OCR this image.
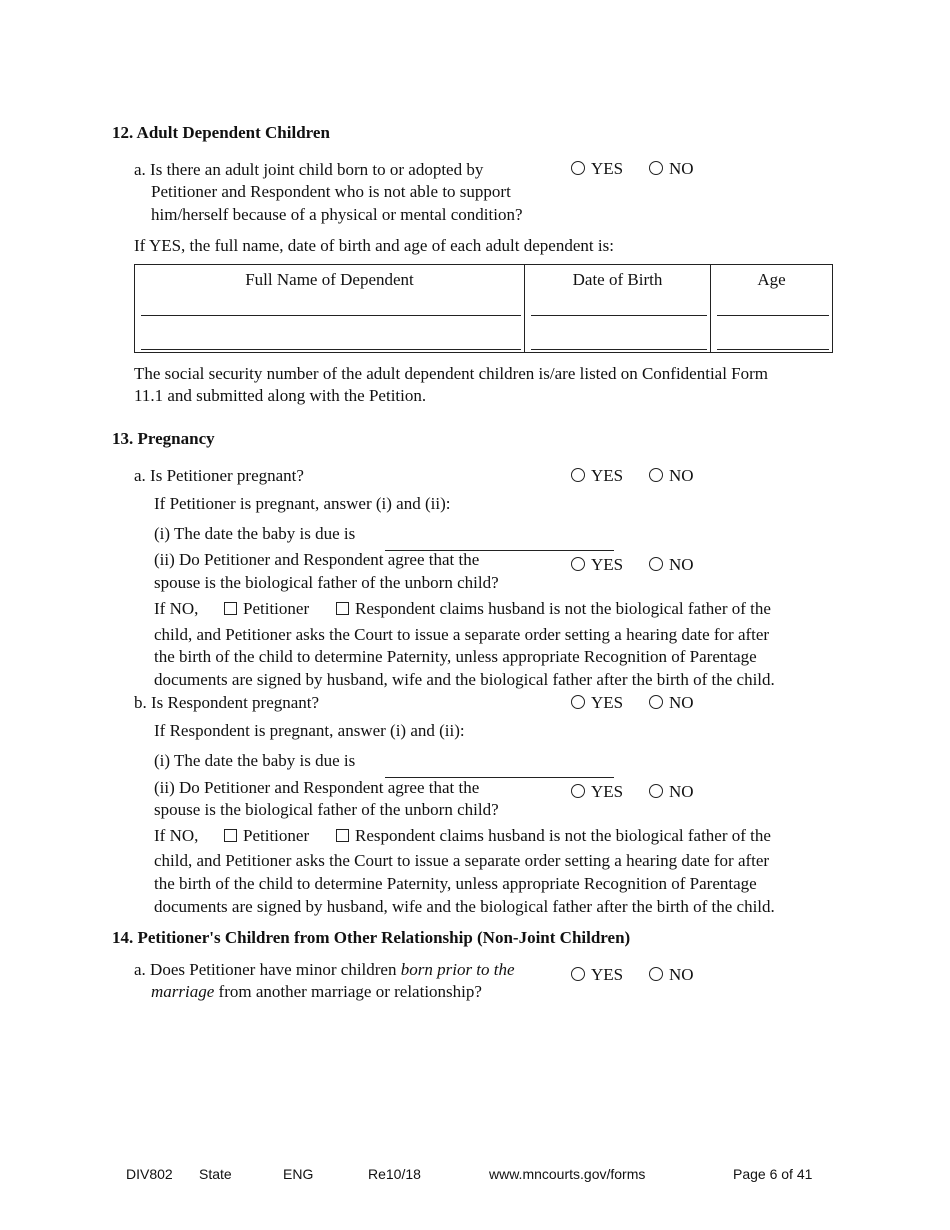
12. Adult Dependent Children
a. Is there an adult joint child born to or adopted by
Petitioner and Respondent who is not able to support
him/herself because of a physical or mental condition?
YES	NO
If YES, the full name, date of birth and age of each adult dependent is:
Full Name of Dependent	Date of Birth	Age
The social security number of the adult dependent children is/are listed on Confidential Form
11.1 and submitted along with the Petition.
13. Pregnancy
a. Is Petitioner pregnant?	YES	NO
If Petitioner is pregnant, answer (i) and (ii):
(i) The date the baby is due is
(ii) Do Petitioner and Respondent agree that the
spouse is the biological father of the unborn child?
YES	NO
If NO,	Petitioner	Respondent claims husband is not the biological father of the
child, and Petitioner asks the Court to issue a separate order setting a hearing date for after
the birth of the child to determine Paternity, unless appropriate Recognition of Parentage
documents are signed by husband, wife and the biological father after the birth of the child.
b. Is Respondent pregnant?	YES	NO
If Respondent is pregnant, answer (i) and (ii):
(i) The date the baby is due is
(ii) Do Petitioner and Respondent agree that the
spouse is the biological father of the unborn child?
YES	NO
If NO,	Petitioner	Respondent claims husband is not the biological father of the
child, and Petitioner asks the Court to issue a separate order setting a hearing date for after
the birth of the child to determine Paternity, unless appropriate Recognition of Parentage
documents are signed by husband, wife and the biological father after the birth of the child.
14. Petitioner's Children from Other Relationship (Non-Joint Children)
a. Does Petitioner have minor children born prior to the
marriage from another marriage or relationship?
YES	NO
DIV802 State	ENG	Re10/18	www.mncourts.gov/forms	Page 6 of 41
